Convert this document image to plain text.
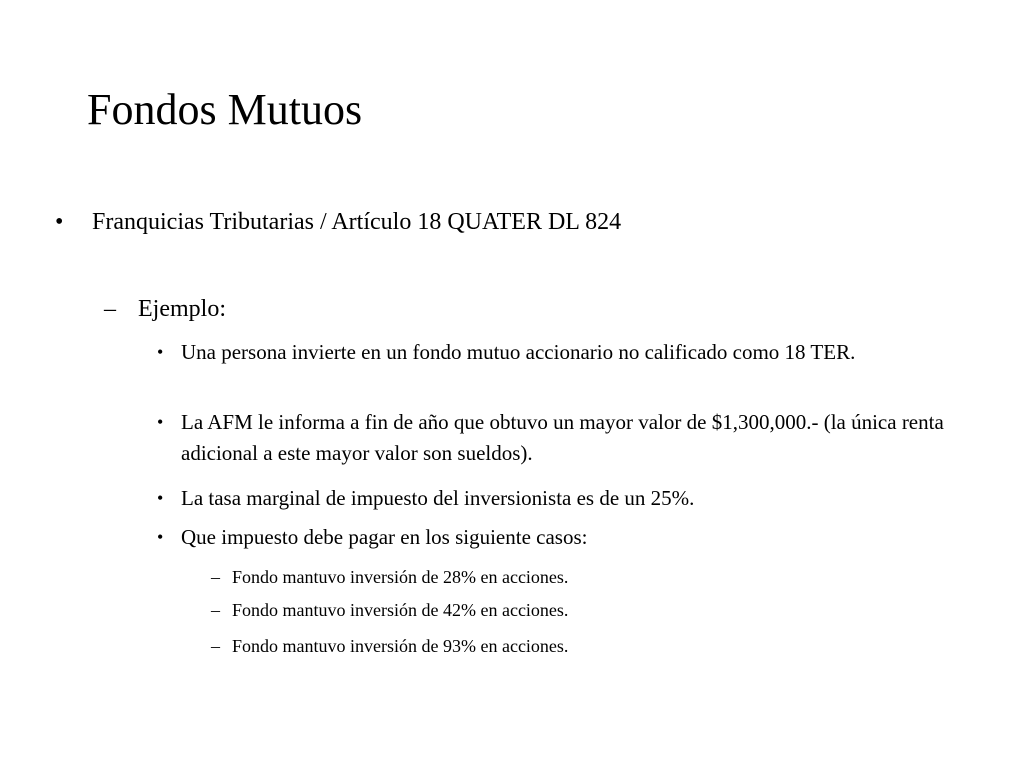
Fondos Mutuos
• Franquicias Tributarias / Artículo 18 QUATER DL 824
– Ejemplo:
• Una persona invierte en un fondo mutuo accionario no calificado como 18 TER.
• La AFM le informa a fin de año que obtuvo un mayor valor de $1,300,000.- (la única renta adicional a este mayor valor son sueldos).
• La tasa marginal de impuesto del inversionista es de un 25%.
• Que impuesto debe pagar en los siguiente casos:
– Fondo mantuvo inversión de 28% en acciones.
– Fondo mantuvo inversión de 42% en acciones.
– Fondo mantuvo inversión de 93% en acciones.
